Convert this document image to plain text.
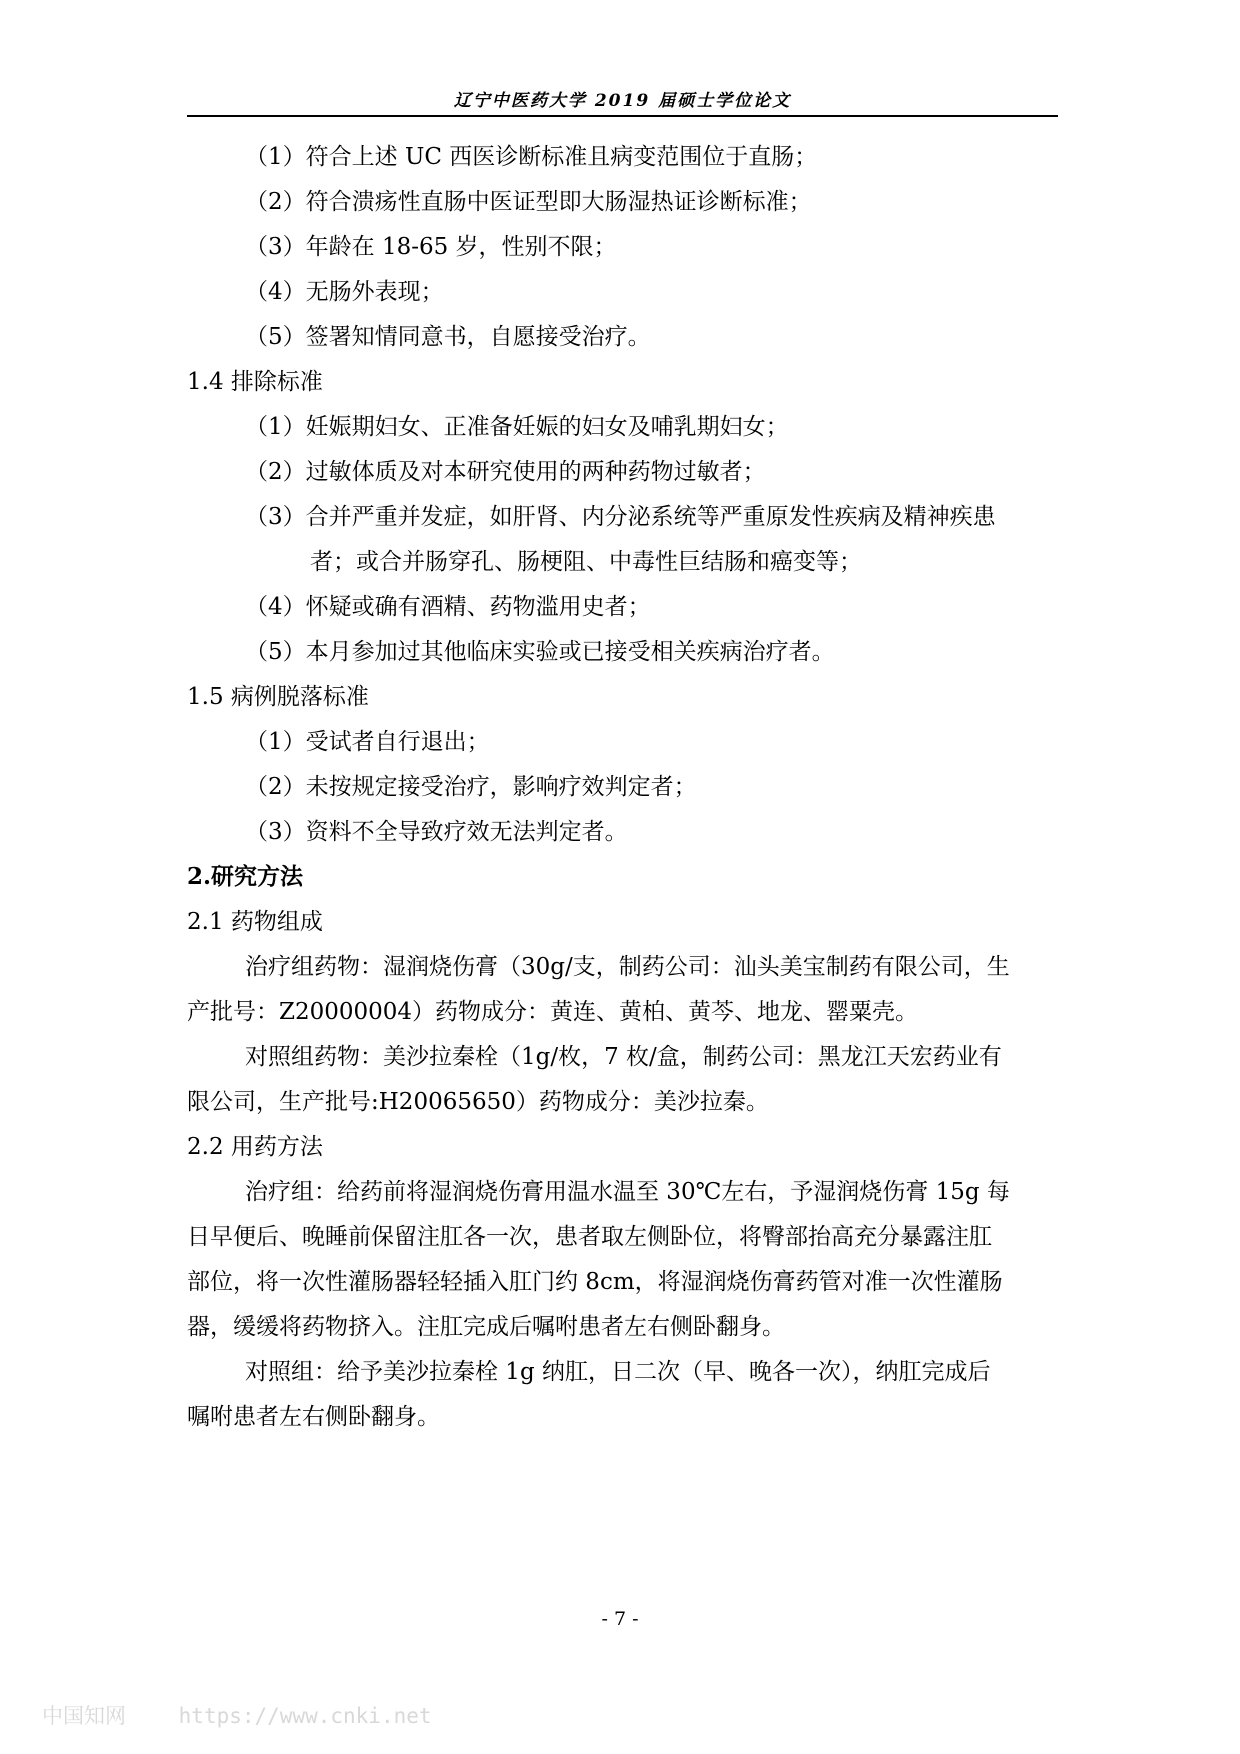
辽宁中医药大学 2019 届硕士学位论文
（1）符合上述 UC 西医诊断标准且病变范围位于直肠；
（2）符合溃疡性直肠中医证型即大肠湿热证诊断标准；
（3）年龄在 18-65 岁，性别不限；
（4）无肠外表现；
（5）签署知情同意书，自愿接受治疗。
1.4 排除标准
（1）妊娠期妇女、正准备妊娠的妇女及哺乳期妇女；
（2）过敏体质及对本研究使用的两种药物过敏者；
（3）合并严重并发症，如肝肾、内分泌系统等严重原发性疾病及精神疾患
者；或合并肠穿孔、肠梗阻、中毒性巨结肠和癌变等；
（4）怀疑或确有酒精、药物滥用史者；
（5）本月参加过其他临床实验或已接受相关疾病治疗者。
1.5 病例脱落标准
（1）受试者自行退出；
（2）未按规定接受治疗，影响疗效判定者；
（3）资料不全导致疗效无法判定者。
2.研究方法
2.1 药物组成
治疗组药物：湿润烧伤膏（30g/支，制药公司：汕头美宝制药有限公司，生
产批号：Z20000004）药物成分：黄连、黄柏、黄芩、地龙、罂粟壳。
对照组药物：美沙拉秦栓（1g/枚，7 枚/盒，制药公司：黑龙江天宏药业有
限公司，生产批号:H20065650）药物成分：美沙拉秦。
2.2 用药方法
治疗组：给药前将湿润烧伤膏用温水温至 30℃左右，予湿润烧伤膏 15g 每
日早便后、晚睡前保留注肛各一次，患者取左侧卧位，将臀部抬高充分暴露注肛
部位，将一次性灌肠器轻轻插入肛门约 8cm，将湿润烧伤膏药管对准一次性灌肠
器，缓缓将药物挤入。注肛完成后嘱咐患者左右侧卧翻身。
对照组：给予美沙拉秦栓 1g 纳肛，日二次（早、晚各一次），纳肛完成后
嘱咐患者左右侧卧翻身。
- 7 -
中国知网	https://www.cnki.net
